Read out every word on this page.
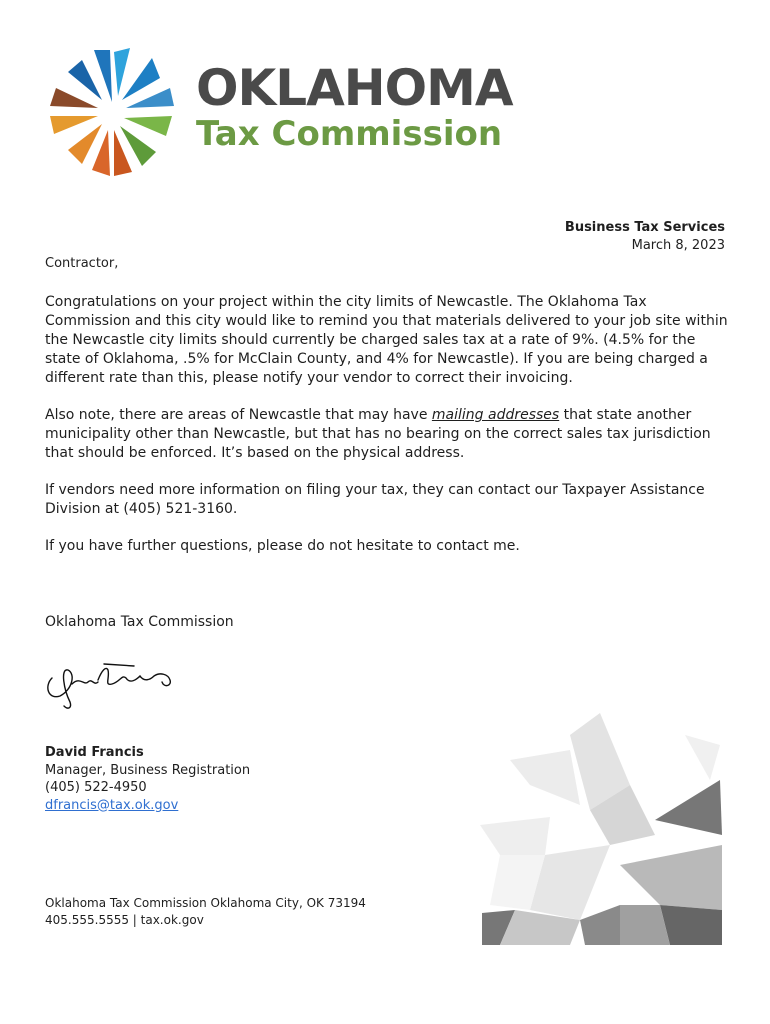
OKLAHOMA
Tax Commission
Business Tax Services
March 8, 2023
Contractor,

Congratulations on your project within the city limits of Newcastle. The Oklahoma Tax Commission and this city would like to remind you that materials delivered to your job site within the Newcastle city limits should currently be charged sales tax at a rate of 9%. (4.5% for the state of Oklahoma, .5% for McClain County, and 4% for Newcastle). If you are being charged a different rate than this, please notify your vendor to correct their invoicing.

Also note, there are areas of Newcastle that may have mailing addresses that state another municipality other than Newcastle, but that has no bearing on the correct sales tax jurisdiction that should be enforced. It’s based on the physical address.

If vendors need more information on filing your tax, they can contact our Taxpayer Assistance Division at (405) 521-3160.

If you have further questions, please do not hesitate to contact me.

Oklahoma Tax Commission
David Francis
Manager, Business Registration
(405) 522-4950
dfrancis@tax.ok.gov
Oklahoma Tax Commission Oklahoma City, OK 73194
405.555.5555 | tax.ok.gov
